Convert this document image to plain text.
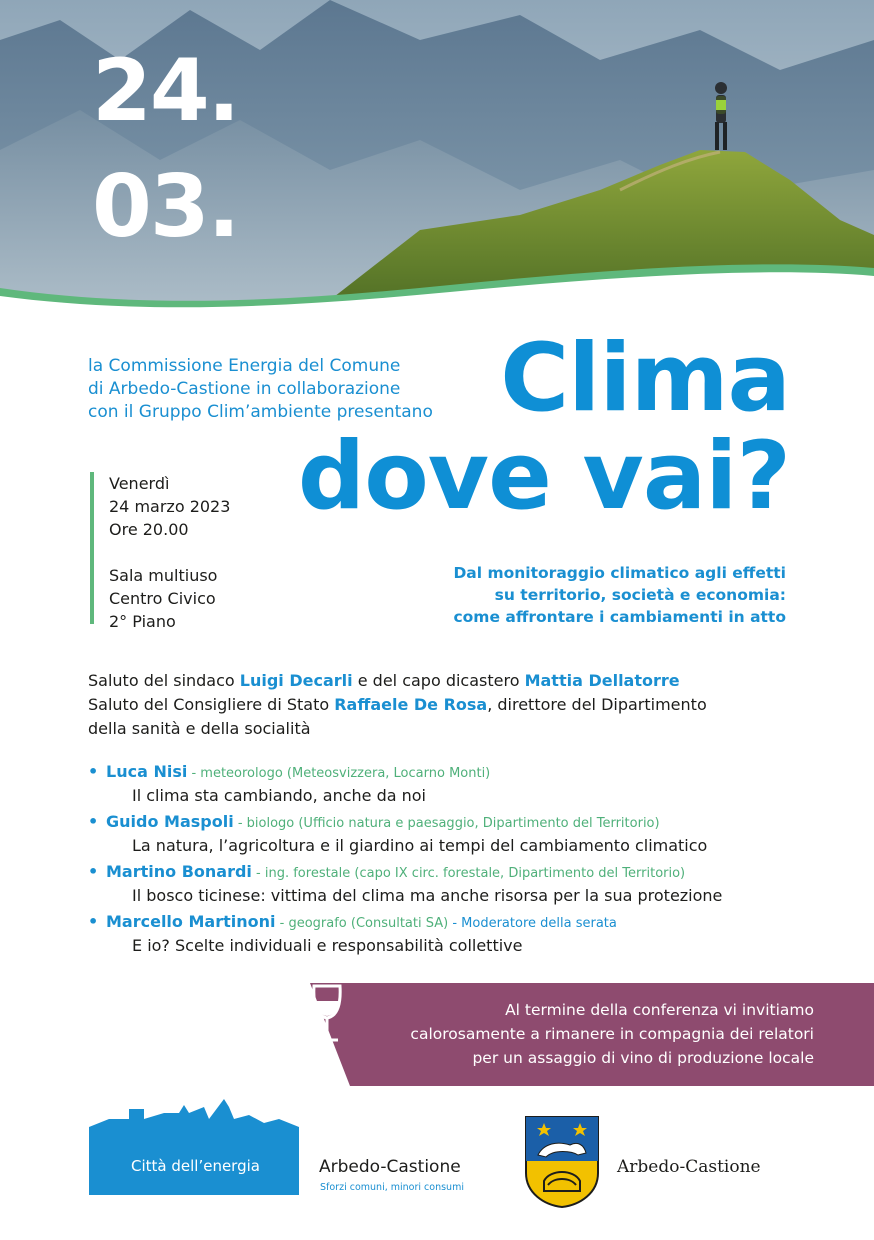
24.
03.
la Commissione Energia del Comune
di Arbedo-Castione in collaborazione
con il Gruppo Clim’ambiente presentano Clima
dove vai?
Venerdì
24 marzo 2023
Ore 20.00
Sala multiuso
Centro Civico
2° Piano
Dal monitoraggio climatico agli effetti
su territorio, società e economia:
come affrontare i cambiamenti in atto
Saluto del sindaco Luigi Decarli e del capo dicastero Mattia Dellatorre
Saluto del Consigliere di Stato Raffaele De Rosa, direttore del Dipartimento
della sanità e della socialità
• Luca Nisi - meteorologo (Meteosvizzera, Locarno Monti)
Il clima sta cambiando, anche da noi
• Guido Maspoli - biologo (Ufficio natura e paesaggio, Dipartimento del Territorio)
La natura, l’agricoltura e il giardino ai tempi del cambiamento climatico
• Martino Bonardi - ing. forestale (capo IX circ. forestale, Dipartimento del Territorio)
Il bosco ticinese: vittima del clima ma anche risorsa per la sua protezione
• Marcello Martinoni - geografo (Consultati SA) - Moderatore della serata
E io? Scelte individuali e responsabilità collettive
Al termine della conferenza vi invitiamo
calorosamente a rimanere in compagnia dei relatori
per un assaggio di vino di produzione locale
Città dell’energia	Arbedo-Castione
Sforzi comuni, minori consumi
Arbedo-Castione
